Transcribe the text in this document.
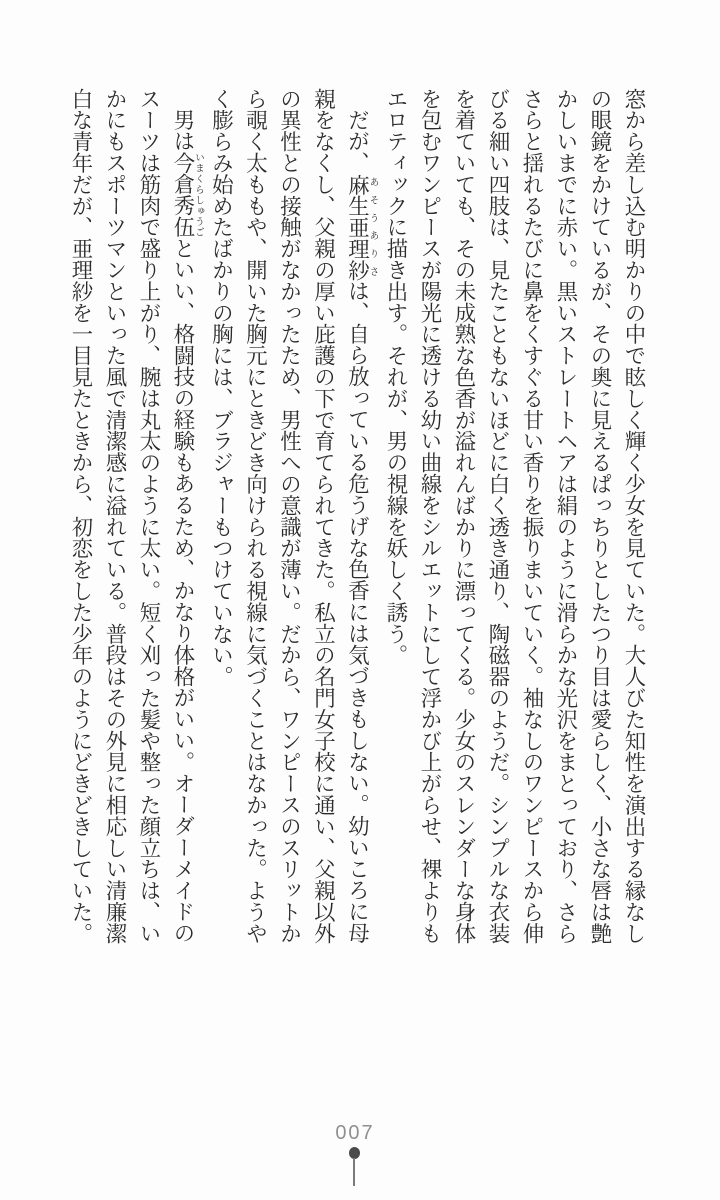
窓から差し込む明かりの中で眩しく輝く少女を見ていた。大人びた知性を演出する縁なしの眼鏡をかけているが、その奥に見えるぱっちりとしたつり目は愛らしく、小さな唇は艶かしいまでに赤い。黒いストレートヘアは絹のように滑らかな光沢をまとっており、さらさらと揺れるたびに鼻をくすぐる甘い香りを振りまいていく。袖なしのワンピースから伸びる細い四肢は、見たこともないほどに白く透き通り、陶磁器のようだ。シンプルな衣装を着ていても、その未成熟な色香が溢れんばかりに漂ってくる。少女のスレンダーな身体を包むワンピースが陽光に透ける幼い曲線をシルエットにして浮かび上がらせ、裸よりもエロティックに描き出す。それが、男の視線を妖しく誘う。

だが、麻生亜理紗あそうありさは、自ら放っている危うげな色香には気づきもしない。幼いころに母親をなくし、父親の厚い庇護の下で育てられてきた。私立の名門女子校に通い、父親以外の異性との接触がなかったため、男性への意識が薄い。だから、ワンピースのスリットから覗く太ももや、開いた胸元にときどき向けられる視線に気づくことはなかった。ようやく膨らみ始めたばかりの胸には、ブラジャーもつけていない。

男は今倉秀伍いまくらしゅうごといい、格闘技の経験もあるため、かなり体格がいい。オーダーメイドのスーツは筋肉で盛り上がり、腕は丸太のように太い。短く刈った髪や整った顔立ちは、いかにもスポーツマンといった風で清潔感に溢れている。普段はその外見に相応しい清廉潔白な青年だが、亜理紗を一目見たときから、初恋をした少年のようにどきどきしていた。

007
